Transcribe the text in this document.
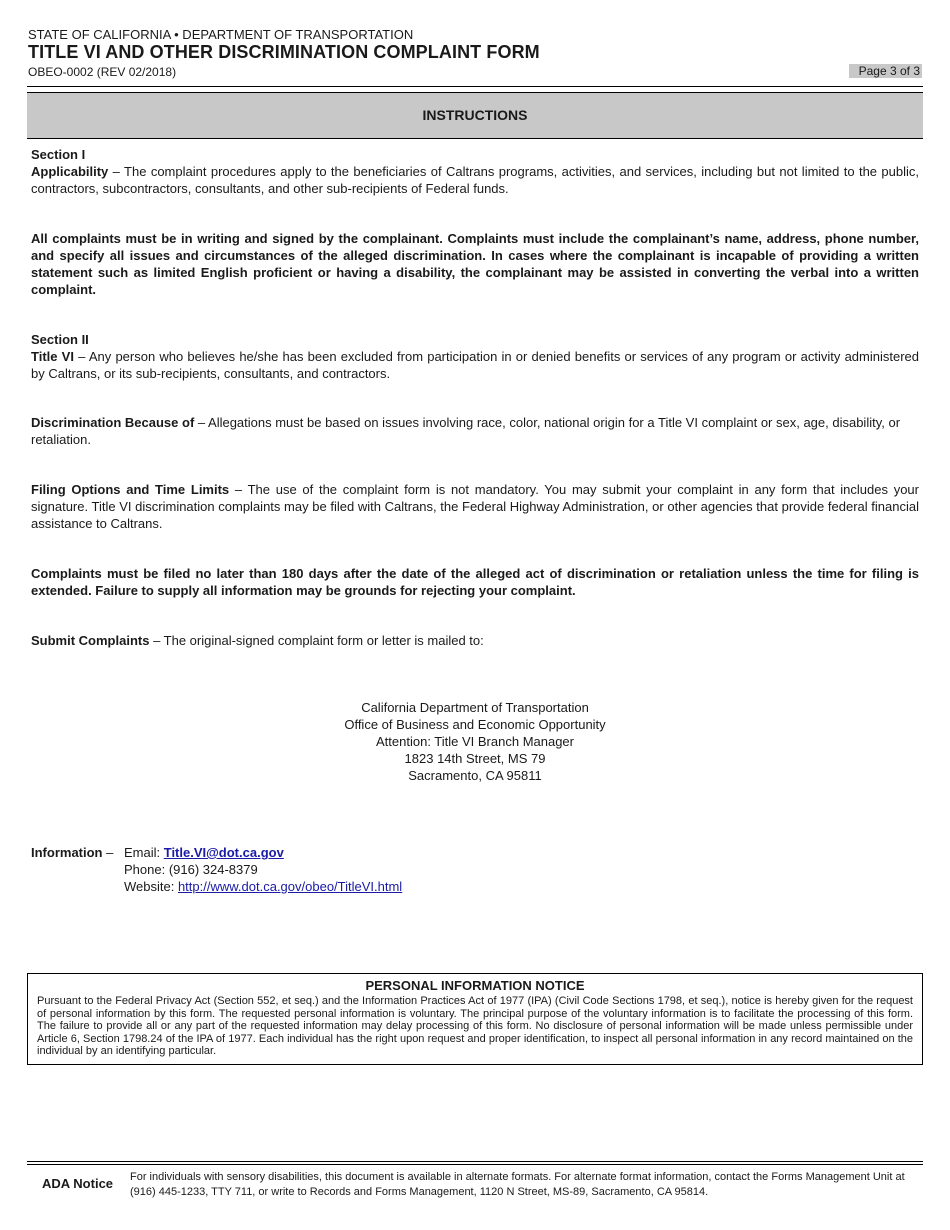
STATE OF CALIFORNIA • DEPARTMENT OF TRANSPORTATION
TITLE VI AND OTHER DISCRIMINATION COMPLAINT FORM
OBEO-0002 (REV 02/2018)	Page 3 of 3
INSTRUCTIONS
Section I
Applicability – The complaint procedures apply to the beneficiaries of Caltrans programs, activities, and services, including but not limited to the public, contractors, subcontractors, consultants, and other sub-recipients of Federal funds.
All complaints must be in writing and signed by the complainant. Complaints must include the complainant’s name, address, phone number, and specify all issues and circumstances of the alleged discrimination. In cases where the complainant is incapable of providing a written statement such as limited English proficient or having a disability, the complainant may be assisted in converting the verbal into a written complaint.
Section II
Title VI – Any person who believes he/she has been excluded from participation in or denied benefits or services of any program or activity administered by Caltrans, or its sub-recipients, consultants, and contractors.
Discrimination Because of – Allegations must be based on issues involving race, color, national origin for a Title VI complaint or sex, age, disability, or retaliation.
Filing Options and Time Limits – The use of the complaint form is not mandatory. You may submit your complaint in any form that includes your signature. Title VI discrimination complaints may be filed with Caltrans, the Federal Highway Administration, or other agencies that provide federal financial assistance to Caltrans.
Complaints must be filed no later than 180 days after the date of the alleged act of discrimination or retaliation unless the time for filing is extended. Failure to supply all information may be grounds for rejecting your complaint.
Submit Complaints – The original-signed complaint form or letter is mailed to:
California Department of Transportation
Office of Business and Economic Opportunity
Attention: Title VI Branch Manager
1823 14th Street, MS 79
Sacramento, CA 95811
Information – Email: Title.VI@dot.ca.gov
Phone: (916) 324-8379
Website: http://www.dot.ca.gov/obeo/TitleVI.html
PERSONAL INFORMATION NOTICE
Pursuant to the Federal Privacy Act (Section 552, et seq.) and the Information Practices Act of 1977 (IPA) (Civil Code Sections 1798, et seq.), notice is hereby given for the request of personal information by this form. The requested personal information is voluntary. The principal purpose of the voluntary information is to facilitate the processing of this form. The failure to provide all or any part of the requested information may delay processing of this form. No disclosure of personal information will be made unless permissible under Article 6, Section 1798.24 of the IPA of 1977. Each individual has the right upon request and proper identification, to inspect all personal information in any record maintained on the individual by an identifying particular.
ADA Notice For individuals with sensory disabilities, this document is available in alternate formats. For alternate format information, contact the Forms Management Unit at (916) 445-1233, TTY 711, or write to Records and Forms Management, 1120 N Street, MS-89, Sacramento, CA 95814.
